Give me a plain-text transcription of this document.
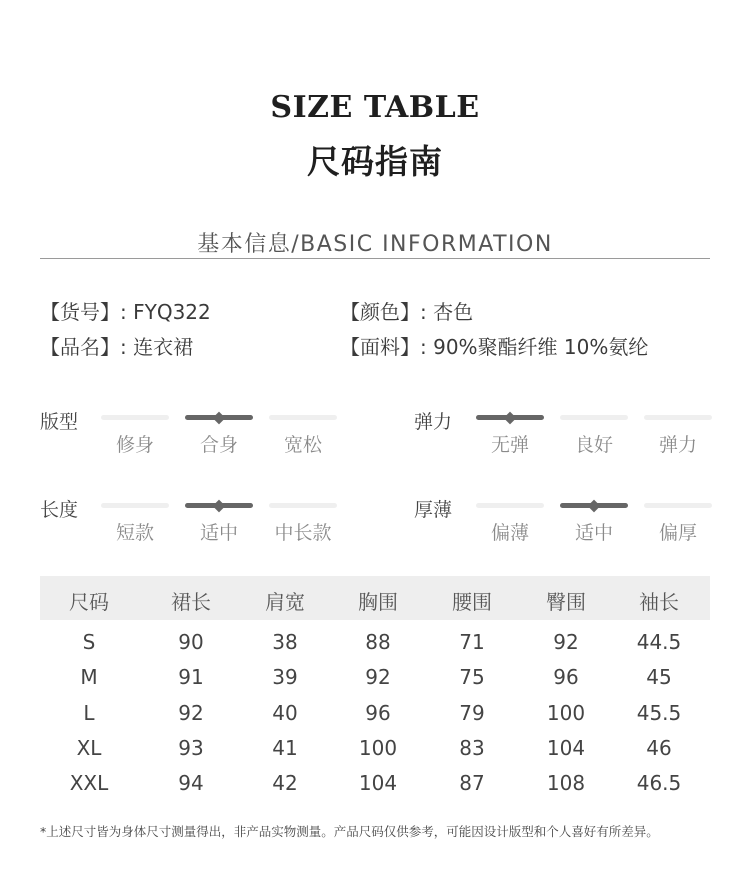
SIZE TABLE
尺码指南
基本信息/BASIC INFORMATION
【货号】: FYQ322
【品名】: 连衣裙
【颜色】: 杏色
【面料】: 90%聚酯纤维 10%氨纶
版型
修身	合身	宽松
弹力
无弹	良好	弹力
长度
短款	适中	中长款
厚薄
偏薄	适中	偏厚
尺码	裙长	肩宽	胸围	腰围	臀围	袖长
S	90	38	88	71	92	44.5
M	91	39	92	75	96	45
L	92	40	96	79	100	45.5
XL	93	41	100	83	104	46
XXL	94	42	104	87	108	46.5
*上述尺寸皆为身体尺寸测量得出，非产品实物测量。产品尺码仅供参考，可能因设计版型和个人喜好有所差异。
